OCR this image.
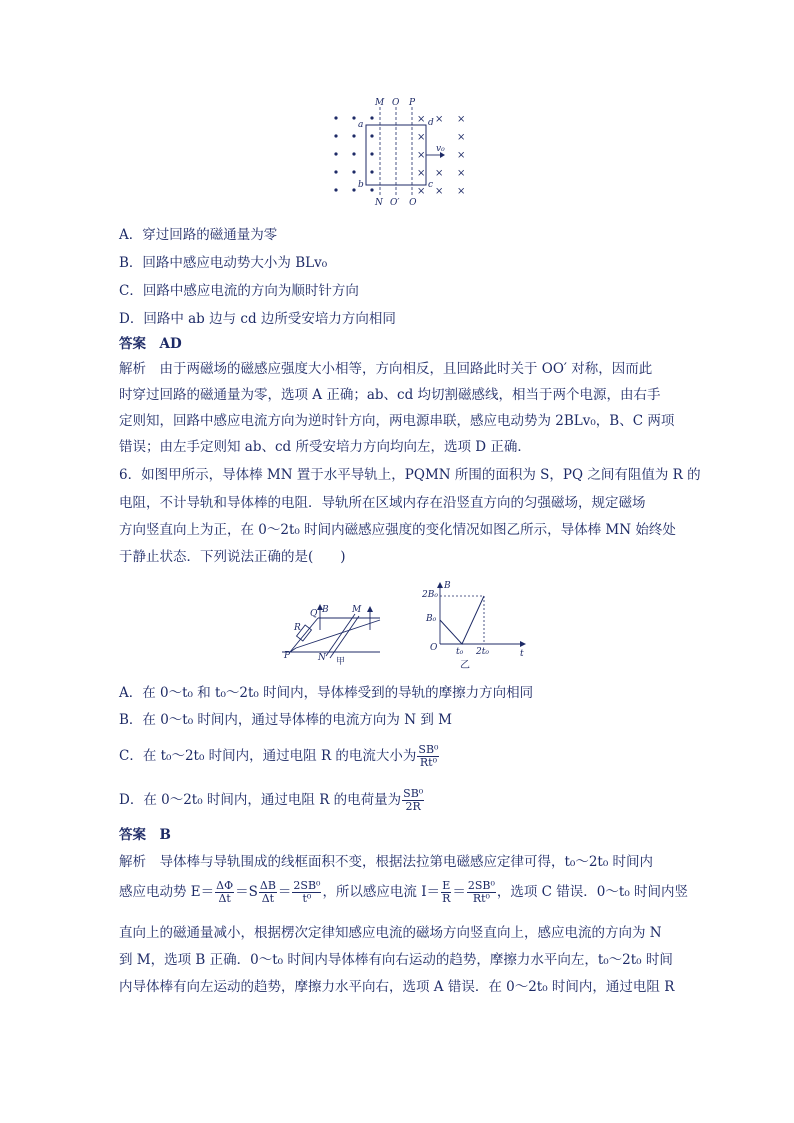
× × ×
×	×
×	×
× × ×
× × ×
M O P
a	d
b	c
N O′ Q
v₀
A．穿过回路的磁通量为零
B．回路中感应电动势大小为 BLv₀
C．回路中感应电流的方向为顺时针方向
D．回路中 ab 边与 cd 边所受安培力方向相同
答案　AD
解析　由于两磁场的磁感应强度大小相等，方向相反，且回路此时关于 OO′ 对称，因而此
时穿过回路的磁通量为零，选项 A 正确；ab、cd 均切割磁感线，相当于两个电源，由右手
定则知，回路中感应电流方向为逆时针方向，两电源串联，感应电动势为 2BLv₀，B、C 两项
错误；由左手定则知 ab、cd 所受安培力方向均向左，选项 D 正确．
6．如图甲所示，导体棒 MN 置于水平导轨上，PQMN 所围的面积为 S，PQ 之间有阻值为 R 的
电阻，不计导轨和导体棒的电阻．导轨所在区域内存在沿竖直方向的匀强磁场，规定磁场
方向竖直向上为正，在 0～2t₀ 时间内磁感应强度的变化情况如图乙所示，导体棒 MN 始终处
于静止状态．下列说法正确的是(　　)
Q B	M
R
P	N 甲
B
2B₀
B₀
O t₀ 2t₀	t
乙
A．在 0～t₀ 和 t₀～2t₀ 时间内，导体棒受到的导轨的摩擦力方向相同
B．在 0～t₀ 时间内，通过导体棒的电流方向为 N 到 M
C．在 t₀～2t₀ 时间内，通过电阻 R 的电流大小为 $\frac{\text{SB⁰}}{\text{Rt⁰}}$
D．在 0～2t₀ 时间内，通过电阻 R 的电荷量为 $\frac{\text{SB⁰}}{2R}$
答案　B
解析　导体棒与导轨围成的线框面积不变，根据法拉第电磁感应定律可得，t₀～2t₀ 时间内
感应电动势 $E= \frac{\Delta\Phi}{\Delta t} =S \frac{\Delta B}{\Delta t} = \frac{\text{2SB⁰}}{\text{t⁰}}$ ，所以感应电流 $I= \frac{E}{R} = \frac{\text{2SB⁰}}{\text{Rt⁰}}$ ，选项 C 错误．0～t₀ 时间内竖
直向上的磁通量减小，根据楞次定律知感应电流的磁场方向竖直向上，感应电流的方向为 N
到 M，选项 B 正确．0～t₀ 时间内导体棒有向右运动的趋势，摩擦力水平向左，t₀～2t₀ 时间
内导体棒有向左运动的趋势，摩擦力水平向右，选项 A 错误．在 0～2t₀ 时间内，通过电阻 R
